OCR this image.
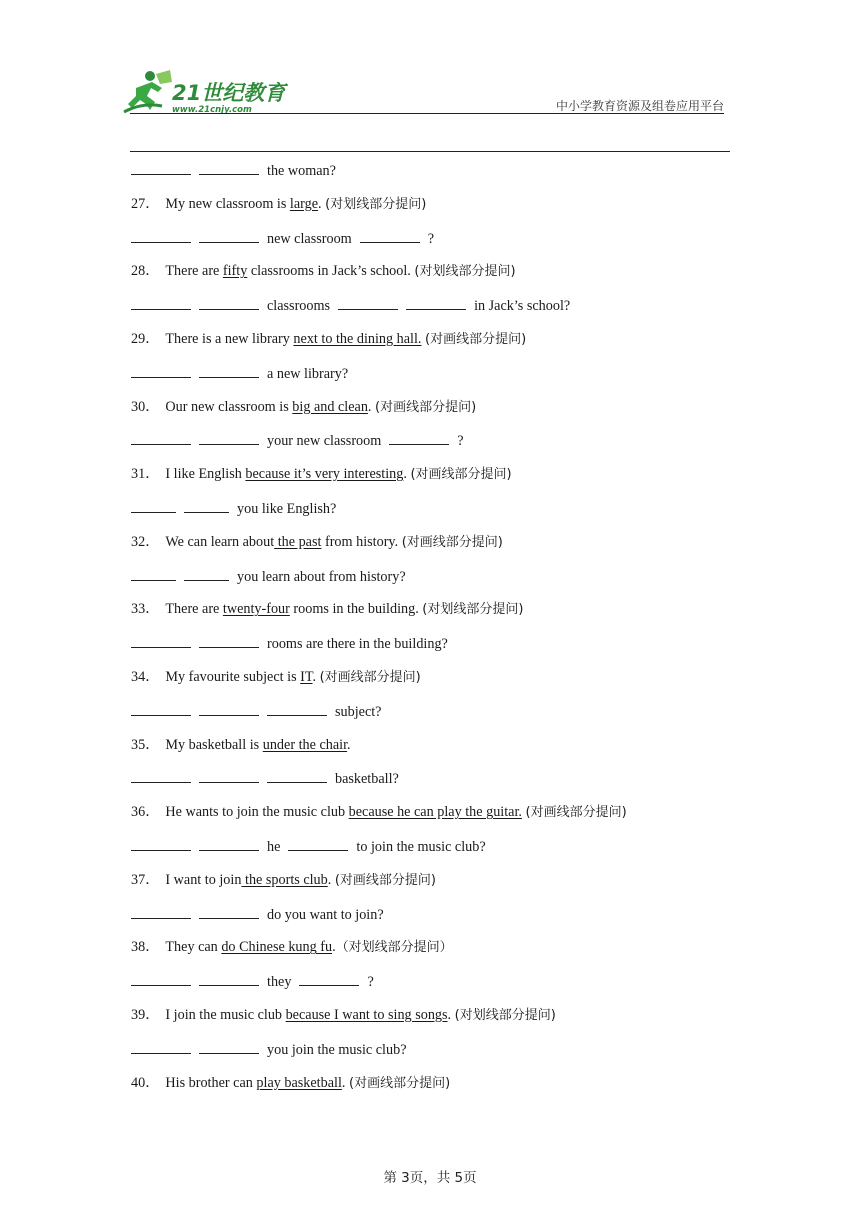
21世纪教育
www.21cnjy.com	中小学教育资源及组卷应用平台
the woman?
27． My new classroom is large. (对划线部分提问)
new classroom	?
28． There are fifty classrooms in Jack’s school. (对划线部分提问)
classrooms	in Jack’s school?
29． There is a new library next to the dining hall. (对画线部分提问)
a new library?
30． Our new classroom is big and clean. (对画线部分提问)
your new classroom	?
31． I like English because it’s very interesting. (对画线部分提问)
you like English?
32． We can learn about the past from history. (对画线部分提问)
you learn about from history?
33． There are twenty-four rooms in the building. (对划线部分提问)
rooms are there in the building?
34． My favourite subject is IT. (对画线部分提问)
subject?
35． My basketball is under the chair.
basketball?
36． He wants to join the music club because he can play the guitar. (对画线部分提问)
he	to join the music club?
37． I want to join the sports club. (对画线部分提问)
do you want to join?
38． They can do Chinese kung fu.（对划线部分提问）
they	?
39． I join the music club because I want to sing songs. (对划线部分提问)
you join the music club?
40． His brother can play basketball. (对画线部分提问)
第 3页，共 5页
